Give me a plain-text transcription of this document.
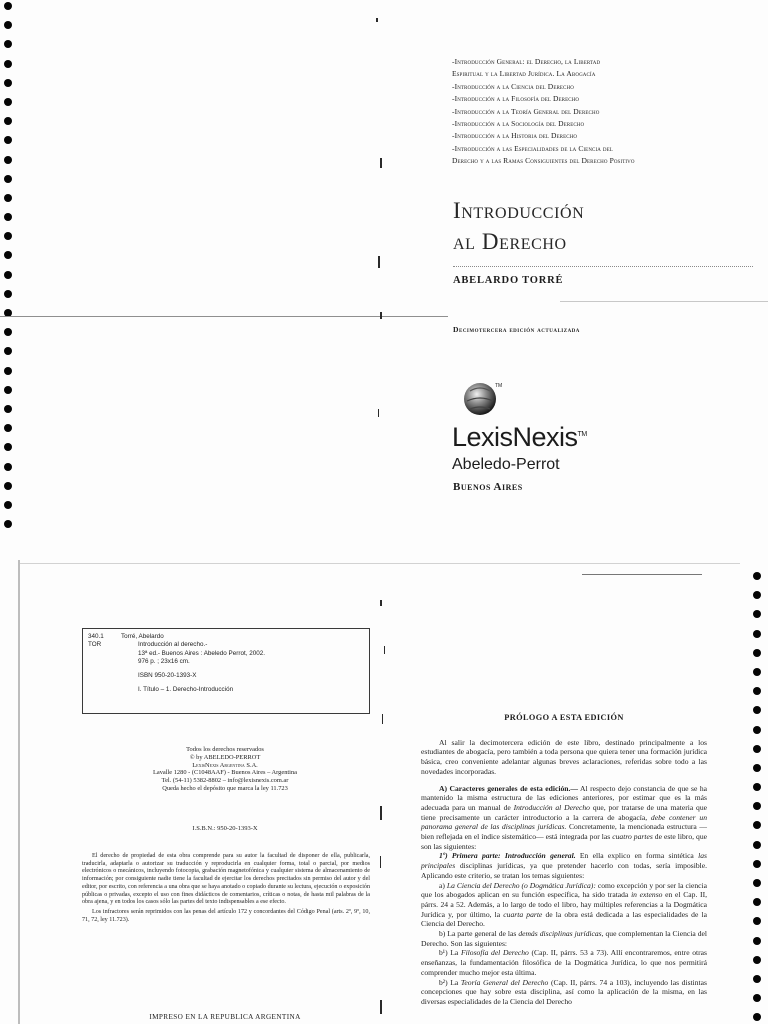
-Introducción General: el Derecho, la Libertad
Espiritual y la Libertad Jurídica. La Abogacía
-Introducción a la Ciencia del Derecho
-Introducción a la Filosofía del Derecho
-Introducción a la Teoría General del Derecho
-Introducción a la Sociología del Derecho
-Introducción a la Historia del Derecho
-Introducción a las Especialidades de la Ciencia del
Derecho y a las Ramas Consiguientes del Derecho Positivo
Introducción
al Derecho
ABELARDO TORRÉ
Decimotercera edición actualizada
TM
LexisNexis™
Abeledo-Perrot
Buenos Aires
340.1
TOR

Torré, Abelardo

Introducción al derecho.-

13ª ed.- Buenos Aires : Abeledo Perrot, 2002.

976 p. ; 23x16 cm.

ISBN 950-20-1393-X

I. Título – 1. Derecho-Introducción

Todos los derechos reservados

© by ABELEDO-PERROT

LexisNexis Argentina S.A.

Lavalle 1280 - (C1048AAF) - Buenos Aires – Argentina

Tel. (54-11) 5382-8802 – info@lexisnexis.com.ar

Queda hecho el depósito que marca la ley 11.723

I.S.B.N.: 950-20-1393-X

El derecho de propiedad de esta obra comprende para su autor la facultad de disponer de ella, publicarla, traducirla, adaptarla o autorizar su traducción y reproducirla en cualquier forma, total o parcial, por medios electrónicos o mecánicos, incluyendo fotocopia, grabación magnetofónica y cualquier sistema de almacenamiento de información; por consiguiente nadie tiene la facultad de ejercitar los derechos precitados sin permiso del autor y del editor, por escrito, con referencia a una obra que se haya anotado o copiado durante su lectura, ejecución o exposición públicas o privadas, excepto el uso con fines didácticos de comentarios, críticas o notas, de hasta mil palabras de la obra ajena, y en todos los casos sólo las partes del texto indispensables a ese efecto.

Los infractores serán reprimidos con las penas del artículo 172 y concordantes del Código Penal (arts. 2º, 9º, 10, 71, 72, ley 11.723).

IMPRESO EN LA REPUBLICA ARGENTINA
PRÓLOGO A ESTA EDICIÓN

Al salir la decimotercera edición de este libro, destinado principalmente a los estudiantes de abogacía, pero también a toda persona que quiera tener una formación jurídica básica, creo conveniente adelantar algunas breves aclaraciones, referidas sobre todo a las novedades incorporadas.

A) Caracteres generales de esta edición.— Al respecto dejo constancia de que se ha mantenido la misma estructura de las ediciones anteriores, por estimar que es la más adecuada para un manual de Introducción al Derecho que, por tratarse de una materia que tiene precisamente un carácter introductorio a la carrera de abogacía, debe contener un panorama general de las disciplinas jurídicas. Concretamente, la mencionada estructura —bien reflejada en el índice sistemático— está integrada por las cuatro partes de este libro, que son las siguientes:

1º) Primera parte: Introducción general. En ella explico en forma sintética las principales disciplinas jurídicas, ya que pretender hacerlo con todas, sería imposible. Aplicando este criterio, se tratan los temas siguientes:

a) La Ciencia del Derecho (o Dogmática Jurídica): como excepción y por ser la ciencia que los abogados aplican en su función específica, ha sido tratada in extenso en el Cap. II, párrs. 24 a 52. Además, a lo largo de todo el libro, hay múltiples referencias a la Dogmática Jurídica y, por último, la cuarta parte de la obra está dedicada a las especialidades de la Ciencia del Derecho.

b) La parte general de las demás disciplinas jurídicas, que complementan la Ciencia del Derecho. Son las siguientes:

b¹) La Filosofía del Derecho (Cap. II, párrs. 53 a 73). Allí encontraremos, entre otras enseñanzas, la fundamentación filosófica de la Dogmática Jurídica, lo que nos permitirá comprender mucho mejor esta última.

b²) La Teoría General del Derecho (Cap. II, párrs. 74 a 103), incluyendo las distintas concepciones que hay sobre esta disciplina, así como la aplicación de la misma, en las diversas especialidades de la Ciencia del Derecho
